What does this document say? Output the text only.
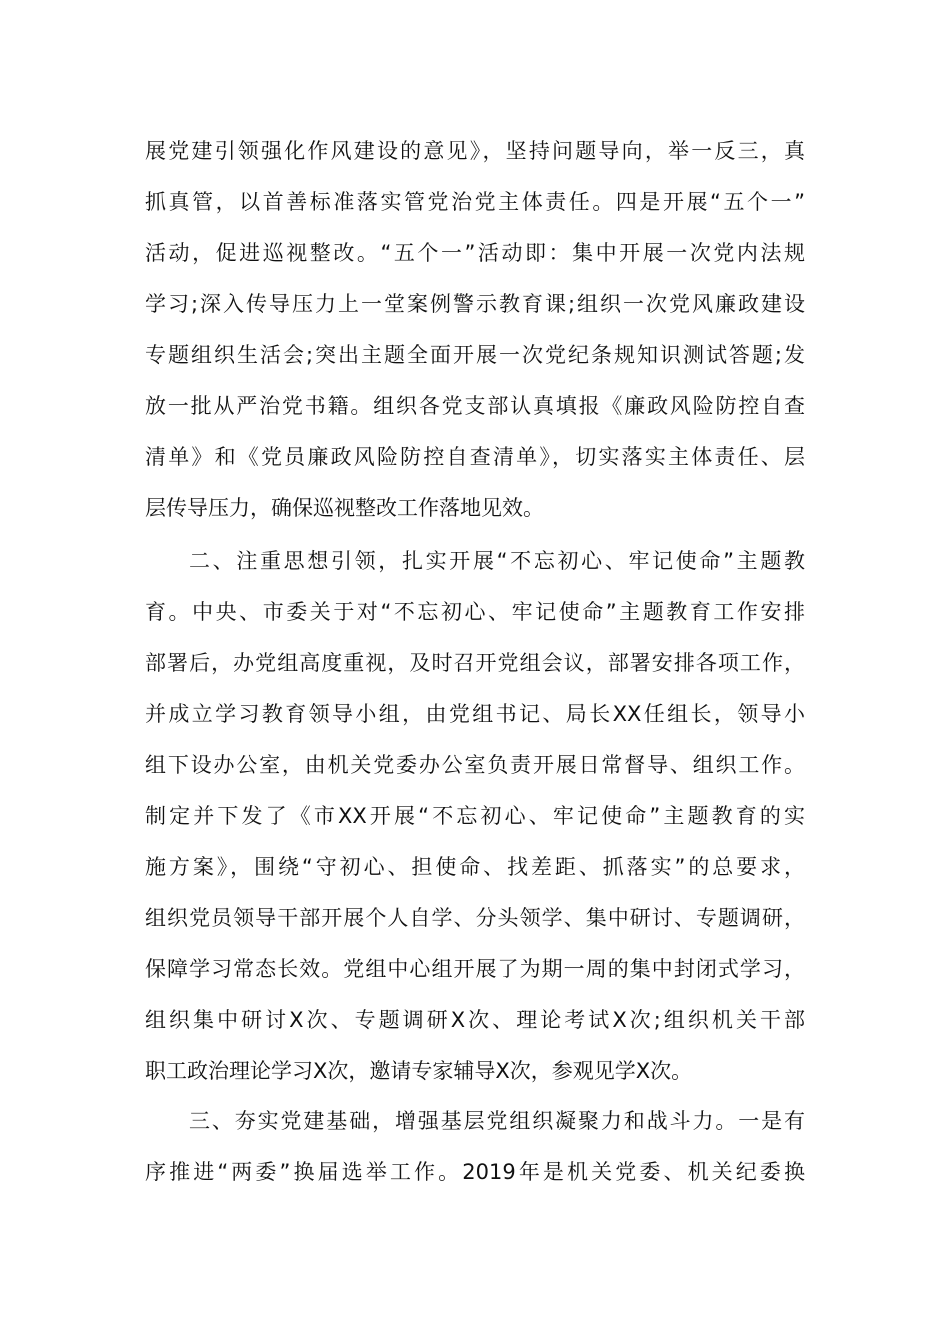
展党建引领强化作风建设的意见》，坚持问题导向，举一反三，真
抓真管，以首善标准落实管党治党主体责任。四是开展“五个一”
活动，促进巡视整改。“五个一”活动即：集中开展一次党内法规
学习;深入传导压力上一堂案例警示教育课;组织一次党风廉政建设
专题组织生活会;突出主题全面开展一次党纪条规知识测试答题;发
放一批从严治党书籍。组织各党支部认真填报《廉政风险防控自查
清单》和《党员廉政风险防控自查清单》，切实落实主体责任、层
层传导压力，确保巡视整改工作落地见效。
二、注重思想引领，扎实开展“不忘初心、牢记使命”主题教
育。中央、市委关于对“不忘初心、牢记使命”主题教育工作安排
部署后，办党组高度重视，及时召开党组会议，部署安排各项工作，
并成立学习教育领导小组，由党组书记、局长XX任组长，领导小
组下设办公室，由机关党委办公室负责开展日常督导、组织工作。
制定并下发了《市XX开展“不忘初心、牢记使命”主题教育的实
施方案》，围绕“守初心、担使命、找差距、抓落实”的总要求，
组织党员领导干部开展个人自学、分头领学、集中研讨、专题调研，
保障学习常态长效。党组中心组开展了为期一周的集中封闭式学习，
组织集中研讨X次、专题调研X次、理论考试X次;组织机关干部
职工政治理论学习X次，邀请专家辅导X次，参观见学X次。
三、夯实党建基础，增强基层党组织凝聚力和战斗力。一是有
序推进“两委”换届选举工作。2019年是机关党委、机关纪委换
